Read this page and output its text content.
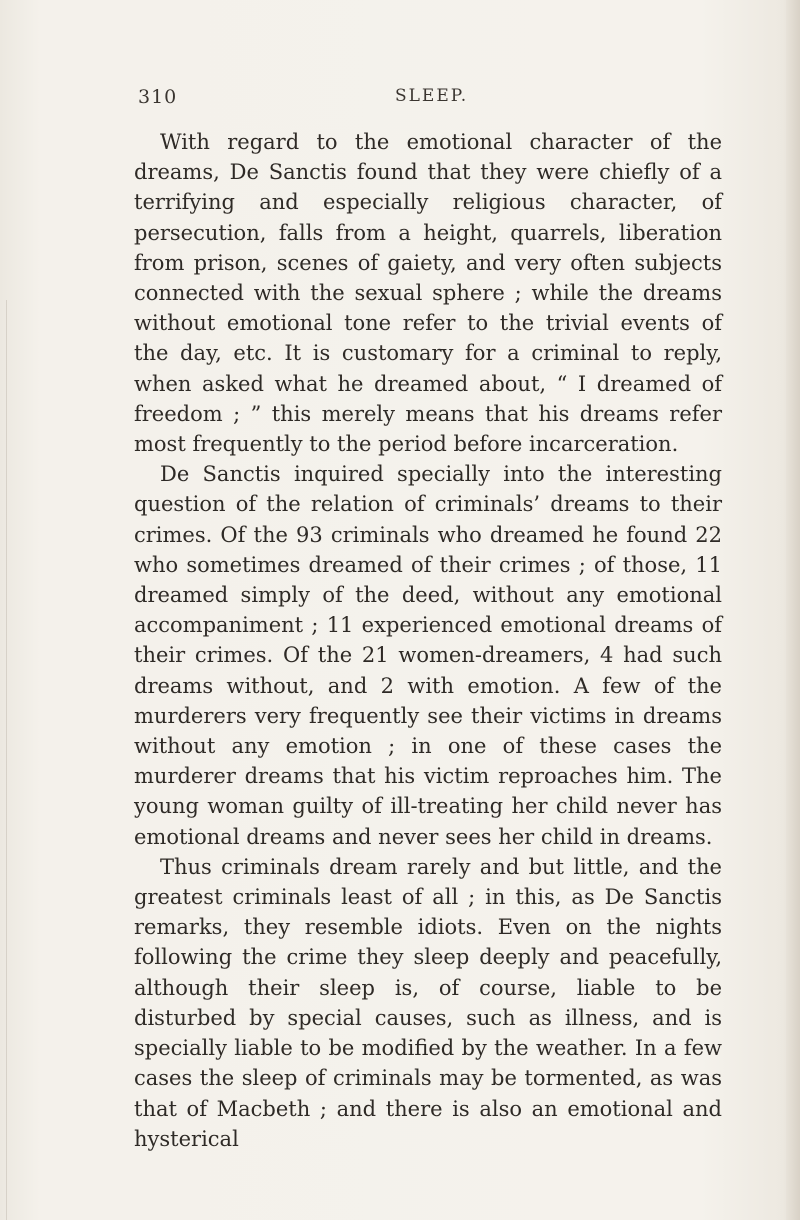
310	SLEEP.

With regard to the emotional character of the dreams, De Sanctis found that they were chiefly of a terrifying and especially religious character, of persecution, falls from a height, quarrels, liberation from prison, scenes of gaiety, and very often subjects connected with the sexual sphere ; while the dreams without emotional tone refer to the trivial events of the day, etc. It is customary for a criminal to reply, when asked what he dreamed about, “ I dreamed of freedom ; ” this merely means that his dreams refer most frequently to the period before incarceration.

De Sanctis inquired specially into the interesting question of the relation of criminals’ dreams to their crimes. Of the 93 criminals who dreamed he found 22 who sometimes dreamed of their crimes ; of those, 11 dreamed simply of the deed, without any emotional accompaniment ; 11 experienced emotional dreams of their crimes. Of the 21 women-dreamers, 4 had such dreams without, and 2 with emotion. A few of the murderers very frequently see their victims in dreams without any emotion ; in one of these cases the murderer dreams that his victim reproaches him. The young woman guilty of ill-treating her child never has emotional dreams and never sees her child in dreams.

Thus criminals dream rarely and but little, and the greatest criminals least of all ; in this, as De Sanctis remarks, they resemble idiots. Even on the nights following the crime they sleep deeply and peacefully, although their sleep is, of course, liable to be disturbed by special causes, such as illness, and is specially liable to be modified by the weather. In a few cases the sleep of criminals may be tormented, as was that of Macbeth ; and there is also an emotional and hysterical
